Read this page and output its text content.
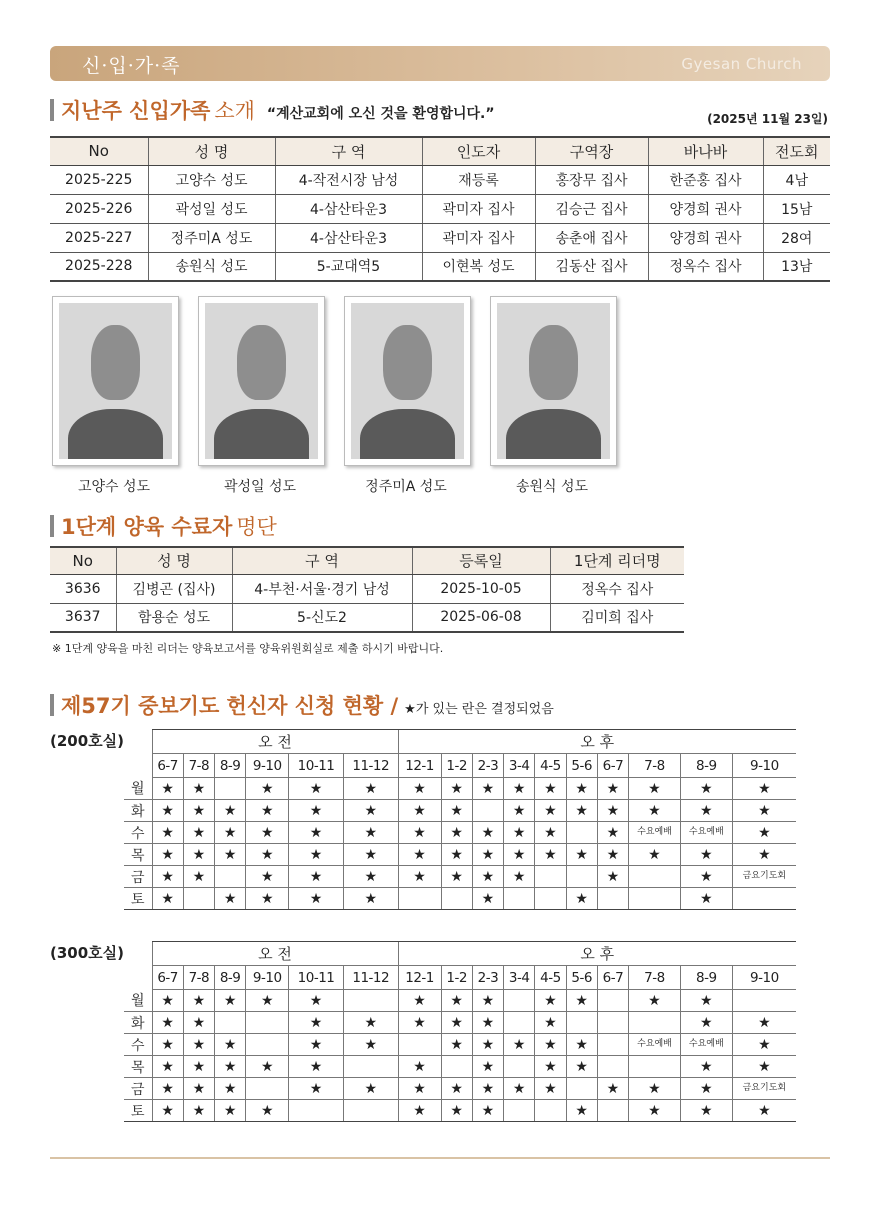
신·입·가·족	Gyesan Church
지난주 신입가족 소개 “계산교회에 오신 것을 환영합니다.”	(2025년 11월 23일)
No	성 명	구 역	인도자	구역장	바나바	전도회
2025-225	고양수 성도	4-작전시장 남성	재등록	홍장무 집사	한준홍 집사	4남
2025-226	곽성일 성도	4-삼산타운3	곽미자 집사	김승근 집사	양경희 권사	15남
2025-227	정주미A 성도	4-삼산타운3	곽미자 집사	송춘애 집사	양경희 권사	28여
2025-228	송원식 성도	5-교대역5	이현복 성도	김동산 집사	정옥수 집사	13남
고양수 성도	곽성일 성도	정주미A 성도	송원식 성도
1단계 양육 수료자 명단
No	성 명	구 역	등록일	1단계 리더명
3636	김병곤 (집사)	4-부천·서울·경기 남성	2025-10-05	정옥수 집사
3637	함용순 성도	5-신도2	2025-06-08	김미희 집사
※ 1단계 양육을 마친 리더는 양육보고서를 양육위원회실로 제출 하시기 바랍니다.
제57기 중보기도 헌신자 신청 현황 / ★가 있는 란은 결정되었음
(200호실)
		오 전						오 후									
	6-7	7-8	8-9	9-10	10-11	11-12	12-1	1-2	2-3	3-4	4-5	5-6	6-7	7-8	8-9	9-10
월	★	★		★	★	★	★	★	★	★	★	★	★	★	★	★
화	★	★	★	★	★	★	★	★		★	★	★	★	★	★	★
수	★	★	★	★	★	★	★	★	★	★	★		★	수요예배	수요예배	★
목	★	★	★	★	★	★	★	★	★	★	★	★	★	★	★	★
금	★	★		★	★	★	★	★	★	★			★		★	금요기도회
토	★		★	★	★	★			★			★			★	
(300호실)
		오 전						오 후									
	6-7	7-8	8-9	9-10	10-11	11-12	12-1	1-2	2-3	3-4	4-5	5-6	6-7	7-8	8-9	9-10
월	★	★	★	★	★		★	★	★		★	★		★	★	
화	★	★			★	★	★	★	★		★				★	★
수	★	★	★		★	★		★	★	★	★	★		수요예배	수요예배	★
목	★	★	★	★	★		★		★		★	★			★	★
금	★	★	★		★	★	★	★	★	★	★		★	★	★	금요기도회
토	★	★	★	★			★	★	★			★		★	★	★
